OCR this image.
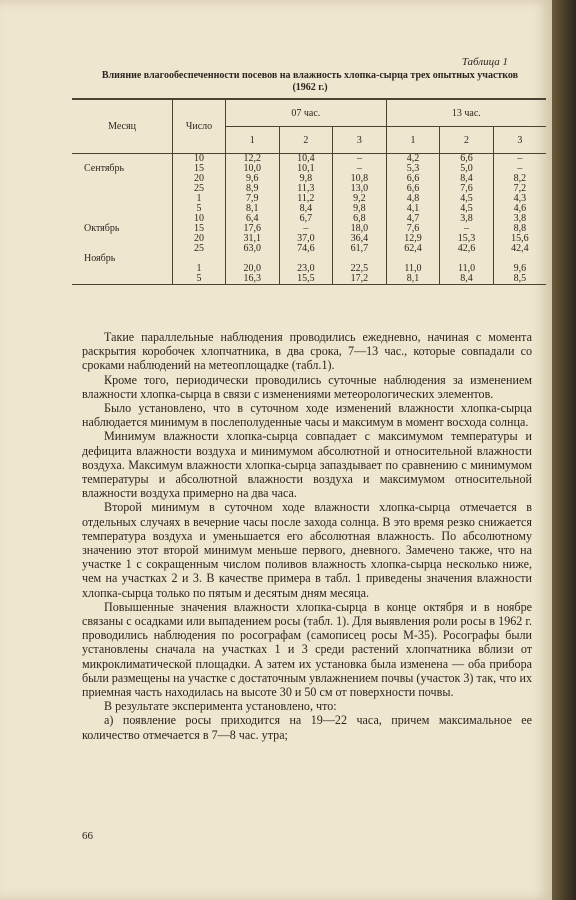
Таблица 1
Влияние влагообеспеченности посевов на влажность хлопка-сырца трех опытных участков (1962 г.)
Месяц	Число	07 час.			13 час.		
		1	2	3	1	2	3
	10	12,2	10,4	–	4,2	6,6	–
Сентябрь	15	10,0	10,1	–	5,3	5,0	–
	20	9,6	9,8	10,8	6,6	8,4	8,2
	25	8,9	11,3	13,0	6,6	7,6	7,2
	1	7,9	11,2	9,2	4,8	4,5	4,3
	5	8,1	8,4	9,8	4,1	4,5	4,6
	10	6,4	6,7	6,8	4,7	3,8	3,8
Октябрь	15	17,6	–	18,0	7,6	–	8,8
	20	31,1	37,0	36,4	12,9	15,3	15,6
	25	63,0	74,6	61,7	62,4	42,6	42,4
Ноябрь							
	1	20,0	23,0	22,5	11,0	11,0	9,6
	5	16,3	15,5	17,2	8,1	8,4	8,5

Такие параллельные наблюдения проводились ежедневно, начиная с момента раскрытия коробочек хлопчатника, в два срока, 7—13 час., которые совпадали со сроками наблюдений на метеоплощадке (табл.1).

Кроме того, периодически проводились суточные наблюдения за изменением влажности хлопка-сырца в связи с изменениями метеорологических элементов.

Было установлено, что в суточном ходе изменений влажности хлопка-сырца наблюдается минимум в послеполуденные часы и максимум в момент восхода солнца.

Минимум влажности хлопка-сырца совпадает с максимумом температуры и дефицита влажности воздуха и минимумом абсолютной и относительной влажности воздуха. Максимум влажности хлопка-сырца запаздывает по сравнению с минимумом температуры и абсолютной влажности воздуха и максимумом относительной влажности воздуха примерно на два часа.

Второй минимум в суточном ходе влажности хлопка-сырца отмечается в отдельных случаях в вечерние часы после захода солнца. В это время резко снижается температура воздуха и уменьшается его абсолютная влажность. По абсолютному значению этот второй минимум меньше первого, дневного. Замечено также, что на участке 1 с сокращенным числом поливов влажность хлопка-сырца несколько ниже, чем на участках 2 и 3. В качестве примера в табл. 1 приведены значения влажности хлопка-сырца только по пятым и десятым дням месяца.

Повышенные значения влажности хлопка-сырца в конце октября и в ноябре связаны с осадками или выпадением росы (табл. 1). Для выявления роли росы в 1962 г. проводились наблюдения по росографам (самописец росы М-35). Росографы были установлены сначала на участках 1 и 3 среди растений хлопчатника вблизи от микроклиматической площадки. А затем их установка была изменена — оба прибора были размещены на участке с достаточным увлажнением почвы (участок 3) так, что их приемная часть находилась на высоте 30 и 50 см от поверхности почвы.

В результате эксперимента установлено, что:

а) появление росы приходится на 19—22 часа, причем максимальное ее количество отмечается в 7—8 час. утра;

66
